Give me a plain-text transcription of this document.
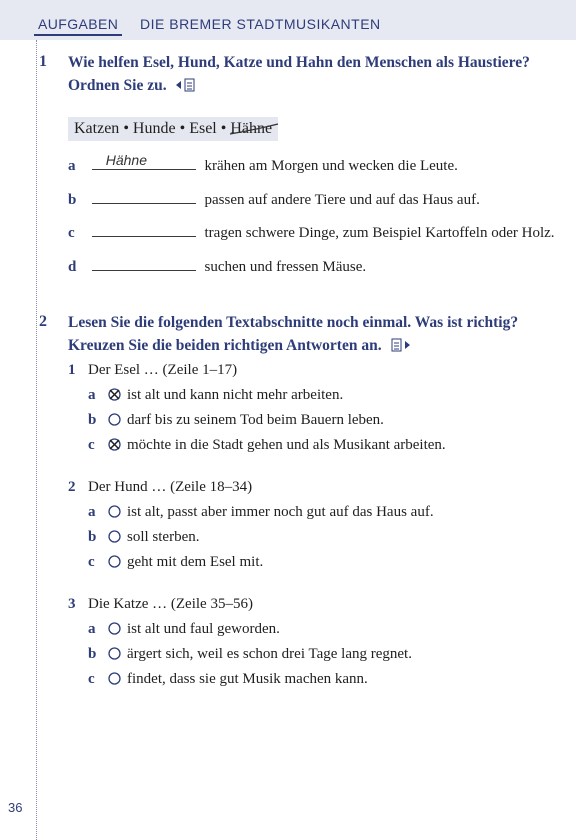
AUFGABEN DIE BREMER STADTMUSIKANTEN
1 Wie helfen Esel, Hund, Katze und Hahn den Menschen als Haustiere?
Ordnen Sie zu.
Katzen • Hunde • Esel • Hähne
a Hähne	krähen am Morgen und wecken die Leute.
b	passen auf andere Tiere und auf das Haus auf.
c	tragen schwere Dinge, zum Beispiel Kartoffeln oder Holz.
d	suchen und fressen Mäuse.
2 Lesen Sie die folgenden Textabschnitte noch einmal. Was ist richtig?
Kreuzen Sie die beiden richtigen Antworten an.
1 Der Esel … (Zeile 1–17)
a ist alt und kann nicht mehr arbeiten.
b darf bis zu seinem Tod beim Bauern leben.
c möchte in die Stadt gehen und als Musikant arbeiten.
2 Der Hund … (Zeile 18–34)
a ist alt, passt aber immer noch gut auf das Haus auf.
b soll sterben.
c geht mit dem Esel mit.
3 Die Katze … (Zeile 35–56)
a ist alt und faul geworden.
b ärgert sich, weil es schon drei Tage lang regnet.
c findet, dass sie gut Musik machen kann.
36
